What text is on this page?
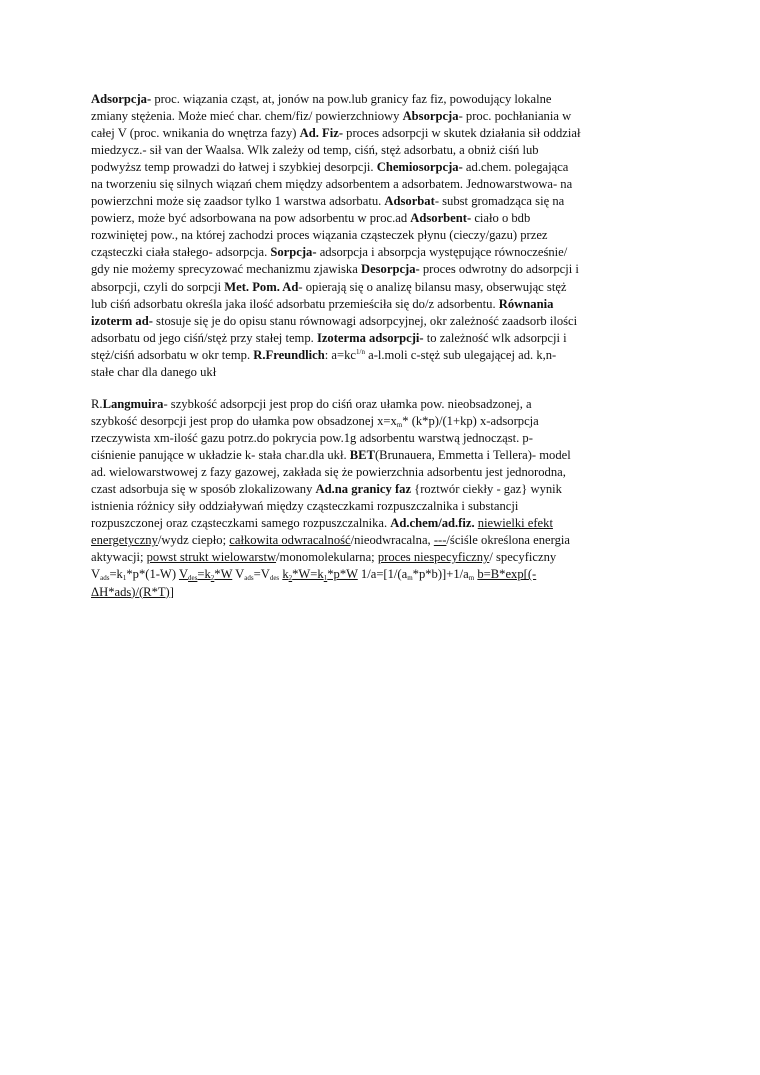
Adsorpcja- proc. wiązania cząst, at, jonów na pow.lub granicy faz fiz, powodujący lokalne
zmiany stężenia. Może mieć char. chem/fiz/ powierzchniowy Absorpcja- proc. pochłaniania w
całej V (proc. wnikania do wnętrza fazy) Ad. Fiz- proces adsorpcji w skutek działania sił oddział
miedzycz.- sił van der Waalsa. Wlk zależy od temp, ciśń, stęż adsorbatu, a obniż ciśń lub
podwyższ temp prowadzi do łatwej i szybkiej desorpcji. Chemiosorpcja- ad.chem. polegająca
na tworzeniu się silnych wiązań chem między adsorbentem a adsorbatem. Jednowarstwowa- na
powierzchni może się zaadsor tylko 1 warstwa adsorbatu. Adsorbat- subst gromadząca się na
powierz, może być adsorbowana na pow adsorbentu w proc.ad Adsorbent- ciało o bdb
rozwiniętej pow., na której zachodzi proces wiązania cząsteczek płynu (cieczy/gazu) przez
cząsteczki ciała stałego- adsorpcja. Sorpcja- adsorpcja i absorpcja występujące równocześnie/
gdy nie możemy sprecyzować mechanizmu zjawiska Desorpcja- proces odwrotny do adsorpcji i
absorpcji, czyli do sorpcji Met. Pom. Ad- opierają się o analizę bilansu masy, obserwując stęż
lub ciśń adsorbatu określa jaka ilość adsorbatu przemieściła się do/z adsorbentu. Równania
izoterm ad- stosuje się je do opisu stanu równowagi adsorpcyjnej, okr zależność zaadsorb ilości
adsorbatu od jego ciśń/stęż przy stałej temp. Izoterma adsorpcji- to zależność wlk adsorpcji i
stęż/ciśń adsorbatu w okr temp. R.Freundlich: $a=kc^{1/n}$ a-l.moli c-stęż sub ulegającej ad. k,n-
stałe char dla danego ukł
R.Langmuira- szybkość adsorpcji jest prop do ciśń oraz ułamka pow. nieobsadzonej, a
szybkość desorpcji jest prop do ułamka pow obsadzonej $x=x_m*$ (k*p)/(1+kp) x-adsorpcja
rzeczywista xm-ilość gazu potrz.do pokrycia pow.1g adsorbentu warstwą jednocząst. p-
ciśnienie panujące w układzie k- stała char.dla ukł. BET(Brunauera, Emmetta i Tellera)- model
ad. wielowarstwowej z fazy gazowej, zakłada się że powierzchnia adsorbentu jest jednorodna,
czast adsorbuja się w sposób zlokalizowany Ad.na granicy faz {roztwór ciekły - gaz} wynik
istnienia różnicy siły oddziaływań między cząsteczkami rozpuszczalnika i substancji
rozpuszczonej oraz cząsteczkami samego rozpuszczalnika. Ad.chem/ad.fiz. niewielki efekt
energetyczny/wydz ciepło; całkowita odwracalność/nieodwracalna, ---/ściśle określona energia
aktywacji; powst strukt wielowarstw/monomolekularna; proces niespecyficzny/ specyficzny
$V_{ads}=k_1*p*(1-W)$ $V_{des}=k_2*W$ $V_{ads}=V_{des}$ $k_2*W=k_1*p*W$ $1/a=[1/(a_m*p*b)]+1/a_m$ b=B*exp[(-
ΔH*ads)/(R*T)]
